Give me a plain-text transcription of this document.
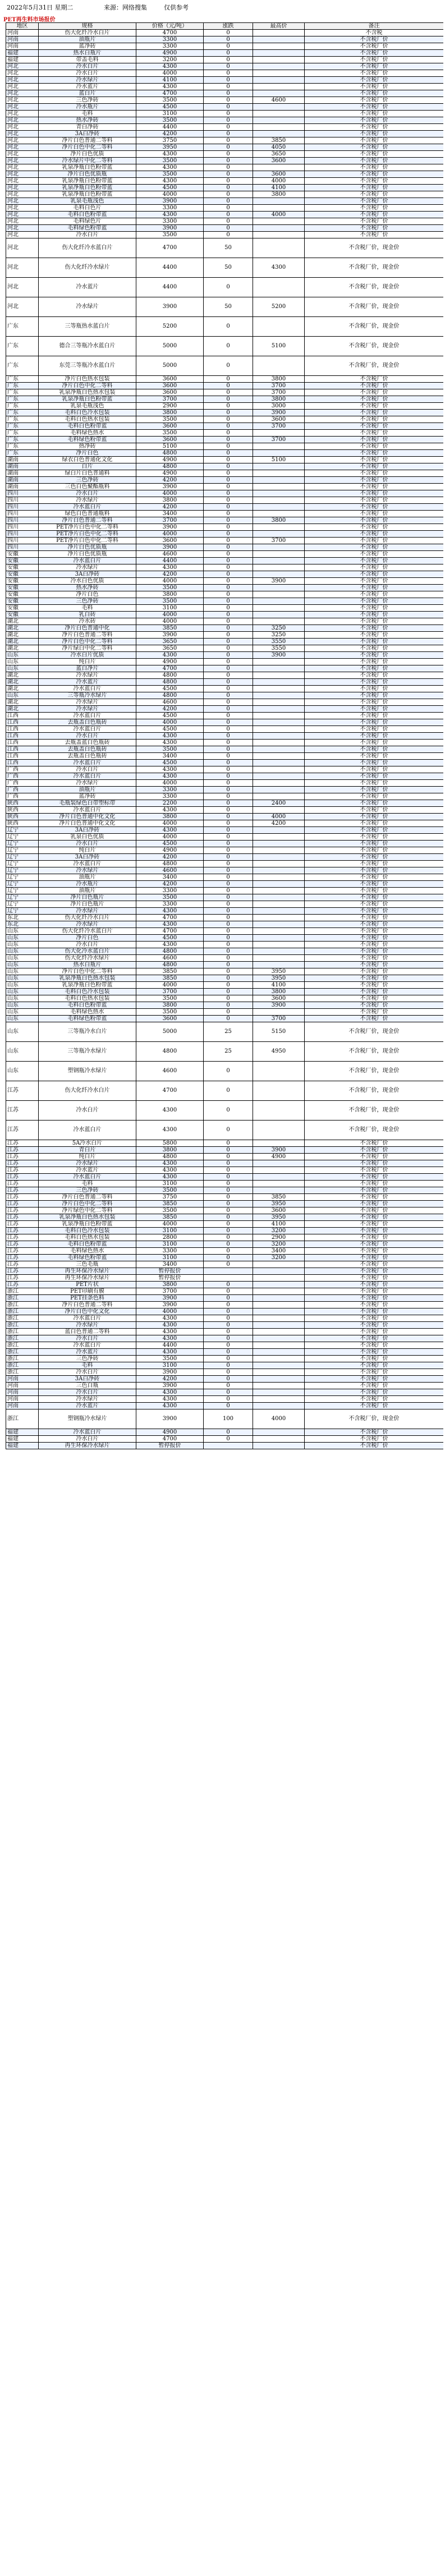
2022年5月31日 星期二	来源：网络搜集	仅供参考
PET再生料市场报价
地区	规格	价格（元/吨）	涨跌	最高价	备注
河南	伤大化纤冷水白片	4700	0		不含税
河南	油瓶片	3300	0		不含税厂价
河南	蓝净砖	3300	0		不含税厂价
福建	热水白瓶片	4900	0		不含税厂价
福建	带盖毛料	3200	0		不含税厂价
河北	冷水白片	4300	0		不含税厂价
河北	冷水白片	4000	0		不含税厂价
河北	冷水绿片	4100	0		不含税厂价
河北	冷水蓝片	4300	0		不含税厂价
河北	蓝白片	4700	0		不含税厂价
河北	三色净砖	3500	0	4600	不含税厂价
河北	冷水瓶片	4500	0		不含税厂价
河北	毛料	3100	0		不含税厂价
河北	热水净砖	3500	0		不含税厂价
河北	青白净砖	4400	0		不含税厂价
河北	3A白净砖	4200	0		不含税厂价
河北	净片白色普通二等料	3750	0	3850	不含税厂价
河北	净片白色中化二等料	3950	0	4050	不含税厂价
河北	净片白色优质	4300	0	3650	不含税厂价
河北	冷水绿片中化二等料	3500	0	3600	不含税厂价
河北	乳泉净瓶白色粉带蓝	4300	0		不含税厂价
河北	净片白色优质瓶	3500	0	3600	不含税厂价
河北	乳泉净瓶白色粉带蓝	4300	0	4000	不含税厂价
河北	乳泉净瓶白色粉带蓝	4500	0	4100	不含税厂价
河北	乳泉净瓶白色粉带蓝	4000	0	3800	不含税厂价
河北	乳泉毛瓶浅色	3900	0		不含税厂价
河北	毛料白色片	3300	0		不含税厂价
河北	毛料白色粉带蓝	4300	0	4000	不含税厂价
河北	毛料绿色片	3300	0		不含税厂价
河北	毛料绿色粉带蓝	3900	0		不含税厂价
河北	冷水白片	3500	0		不含税厂价
河北	伤大化纤冷水蓝白片	4700	50		不含税厂价，现金价
河北	伤大化纤冷水绿片	4400	50	4300	不含税厂价，现金价
河北	冷水蓝片	4400	0		不含税厂价，现金价
河北	冷水绿片	3900	50	5200	不含税厂价，现金价
广东	三等瓶热水蓝白片	5200	0		不含税厂价，现金价
广东	德合三等瓶冷水蓝白片	5000	0	5100	不含税厂价，现金价
广东	东莞三等瓶冷水蓝白片	5000	0		不含税厂价，现金价
广东	净片白色热水包装	3600	0	3800	不含税厂价
广东	净片白色中化二等料	3600	0	3700	不含税厂价
广东	乳泉净瓶白色热水包装	3600	0	3700	不含税厂价
广东	乳泉净瓶白色粉带蓝	3700	0	3800	不含税厂价
广东	乳泉毛瓶浅色	2900	0	3000	不含税厂价
广东	毛料白色冷水包装	3800	0	3900	不含税厂价
广东	毛料白色热水包装	3500	0	3600	不含税厂价
广东	毛料白色粉带蓝	3600	0	3700	不含税厂价
广东	毛料绿色热水	3500	0		不含税厂价
广东	毛料绿色粉带蓝	3600	0	3700	不含税厂价
广东	热净砖	5100	0		不含税厂价
广东	净片白色	4800	0		不含税厂价
湖南	绿衣白色普通化文化	4900	0	5100	不含税厂价
湖南	白片	4800	0		不含税厂价
湖南	绿白片白色普通料	4900	0		不含税厂价
湖南	三色净砖	4200	0		不含税厂价
湖南	三色白色聚酯瓶料	3900	0		不含税厂价
四川	冷水白片	4000	0		不含税厂价
四川	冷水绿片	3800	0		不含税厂价
四川	冷水蓝白片	4200	0		不含税厂价
四川	绿色白色普通瓶料	3400	0		不含税厂价
四川	净片白色普通二等料	3700	0	3800	不含税厂价
四川	PET净片白色中化二等料	3900	0		不含税厂价
四川	PET净片白色中化二等料	4000	0		不含税厂价
四川	PET净片白色中化二等料	3600	0	3700	不含税厂价
四川	净片白色优质瓶	3900	0		不含税厂价
安徽	净片白色优质瓶	4600	0		不含税厂价
安徽	冷水蓝白片	4400	0		不含税厂价
安徽	冷水绿片	4300	0		不含税厂价
安徽	3A白净砖	4200	0		不含税厂价
安徽	冷水白色优质	4000	0	3900	不含税厂价
安徽	热水净砖	3500	0		不含税厂价
安徽	净片白色	3800	0		不含税厂价
安徽	三色净砖	3500	0		不含税厂价
安徽	毛料	3100	0		不含税厂价
安徽	乳白砖	4000	0		不含税厂价
湖北	冷水砖	4000	0		不含税厂价
湖北	净片白色普通中化	3850	0	3250	不含税厂价
湖北	净片白色普通二等料	3900	0	3250	不含税厂价
湖北	净片白色中化二等料	3650	0	3550	不含税厂价
湖北	净片绿白中化二等料	3650	0	3550	不含税厂价
山东	冷水白片优质	4300	0	3900	不含税厂价
山东	纯白片	4900	0		不含税厂价
山东	蓝白净片	4700	0		不含税厂价
湖北	冷水绿片	4800	0		不含税厂价
湖北	冷水蓝片	4800	0		不含税厂价
湖北	冷水蓝白片	4500	0		不含税厂价
山东	三等瓶冷水绿片	4800	0		不含税厂价
湖北	冷水绿片	4600	0		不含税厂价
湖北	冷水绿片	4200	0		不含税厂价
江西	冷水蓝白片	4500	0		不含税厂价
江西	去瓶盖白色瓶砖	4000	0		不含税厂价
江西	冷水蓝白片	4500	0		不含税厂价
江西	冷水白片	4300	0		不含税厂价
江西	去瓶盖蓝白色瓶砖	4300	0		不含税厂价
江西	去瓶盖白色瓶砖	3500	0		不含税厂价
江西	去瓶盖白色瓶砖	3400	0		不含税厂价
江西	冷水蓝白片	4500	0		不含税厂价
广西	冷水白片	4300	0		不含税厂价
广西	冷水蓝白片	4300	0		不含税厂价
广西	冷水绿片	4000	0		不含税厂价
广西	油瓶片	3300	0		不含税厂价
广西	蓝净砖	3300	0		不含税厂价
陕西	毛瓶装绿色白带塑标带	2200	0	2400	不含税厂价
陕西	冷水蓝白片	4300	0		不含税厂价
陕西	净片白色普通中化文化	3800	0	4000	不含税厂价
陕西	净片白色普通中化文化	4000	0	4200	不含税厂价
辽宁	3A白净砖	4300	0		不含税厂价
辽宁	乳泉白色优质	4000	0		不含税厂价
辽宁	冷水白片	4500	0		不含税厂价
辽宁	纯白片	4900	0		不含税厂价
辽宁	3A白净砖	4200	0		不含税厂价
辽宁	冷水蓝白片	4800	0		不含税厂价
辽宁	冷水绿片	4600	0		不含税厂价
辽宁	油瓶片	3400	0		不含税厂价
辽宁	冷水瓶片	4200	0		不含税厂价
辽宁	油瓶片	3300	0		不含税厂价
辽宁	净片白色瓶片	3500	0		不含税厂价
辽宁	净片白色瓶片	3300	0		不含税厂价
辽宁	冷水绿片	4300	0		不含税厂价
东北	伤大化纤冷水白片	4700	0		不含税厂价
东北	冷水绿片	4300	0		不含税厂价
山东	伤大化纤冷水蓝白片	4700	0		不含税厂价
山东	净片白色	4500	0		不含税厂价
山东	冷水白片	4300	0		不含税厂价
山东	伤大化冷水蓝白片	4800	0		不含税厂价
山东	伤大化纤冷水绿片	4600	0		不含税厂价
山东	热水白瓶片	4800	0		不含税厂价
山东	净片白色中化二等料	3850	0	3950	不含税厂价
山东	乳泉净瓶白色热水包装	3850	0	3950	不含税厂价
山东	乳泉净瓶白色粉带蓝	4000	0	4100	不含税厂价
山东	毛料白色冷水包装	3700	0	3800	不含税厂价
山东	毛料白色热水包装	3500	0	3600	不含税厂价
山东	毛料白色粉带蓝	3800	0	3900	不含税厂价
山东	毛料绿色热水	3500	0		不含税厂价
山东	毛料绿色粉带蓝	3600	0	3700	不含税厂价
山东	三等瓶冷水白片	5000	25	5150	不含税厂价，现金价
山东	三等瓶冷水绿片	4800	25	4950	不含税厂价，现金价
山东	塑钢瓶冷水绿片	4600	0		不含税厂价，现金价
江苏	伤大化纤冷水白片	4700	0		不含税厂价，现金价
江苏	冷水白片	4300	0		不含税厂价，现金价
江苏	冷水蓝白片	4300	0		不含税厂价，现金价
江苏	5A冷水白片	5800	0		不含税厂价
江苏	青白片	3800	0	3900	不含税厂价
江苏	纯白片	4800	0	4900	不含税厂价
江苏	冷水绿片	4300	0		不含税厂价
江苏	冷水蓝片	4300	0		不含税厂价
江苏	冷水蓝白片	4300	0		不含税厂价
江苏	毛料	3100	0		不含税厂价
江苏	三色净砖	3500	0		不含税厂价
江苏	净片白色普通二等料	3750	0	3850	不含税厂价
江苏	净片白色中化二等料	3850	0	3950	不含税厂价
江苏	净片绿色中化二等料	3500	0	3600	不含税厂价
江苏	乳泉净瓶白色热水包装	3850	0	3950	不含税厂价
江苏	乳泉净瓶白色粉带蓝	4000	0	4100	不含税厂价
江苏	毛料白色冷水包装	3100	0	3200	不含税厂价
江苏	毛料白色热水包装	2800	0	2900	不含税厂价
江苏	毛料白色粉带蓝	3100	0	3200	不含税厂价
江苏	毛料绿色热水	3300	0	3400	不含税厂价
江苏	毛料绿色粉带蓝	3100	0	3200	不含税厂价
江苏	三色毛瓶	3400	0		不含税厂价
江苏	再生环保冷水绿片	暂停报价			不含税厂价
江苏	再生环保冷水绿片	暂停报价			不含税厂价
江苏	PET片状	3800	0		不含税厂价
浙江	PET印刷有膜	3700	0		不含税厂价
浙江	PET挂条色料	3900	0		不含税厂价
浙江	净片白色普通二等料	3900	0		不含税厂价
浙江	净片白色中化文化	4000	0		不含税厂价
浙江	冷水蓝白片	4300	0		不含税厂价
浙江	冷水绿片	4300	0		不含税厂价
浙江	蓝白色普通二等料	4300	0		不含税厂价
浙江	冷水白片	4300	0		不含税厂价
浙江	冷水蓝白片	4400	0		不含税厂价
浙江	冷水蓝片	4300	0		不含税厂价
浙江	三色净砖	3500	0		不含税厂价
浙江	毛料	3100	0		不含税厂价
浙江	冷水白片	3900	0		不含税厂价
河南	3A白净砖	4200	0		不含税厂价
河南	三色白瓶	3900	0		不含税厂价
河南	冷水白片	4300	0		不含税厂价
河南	冷水绿片	4300	0		不含税厂价
河南	冷水蓝片	4300	0		不含税厂价
浙江	塑钢瓶冷水绿片	3900	100	4000	不含税厂价，现金价
福建	冷水蓝白片	4900	0		不含税厂价
福建	冷水白片	4700	0		不含税厂价
福建	再生环保冷水绿片	暂停报价			不含税厂价
